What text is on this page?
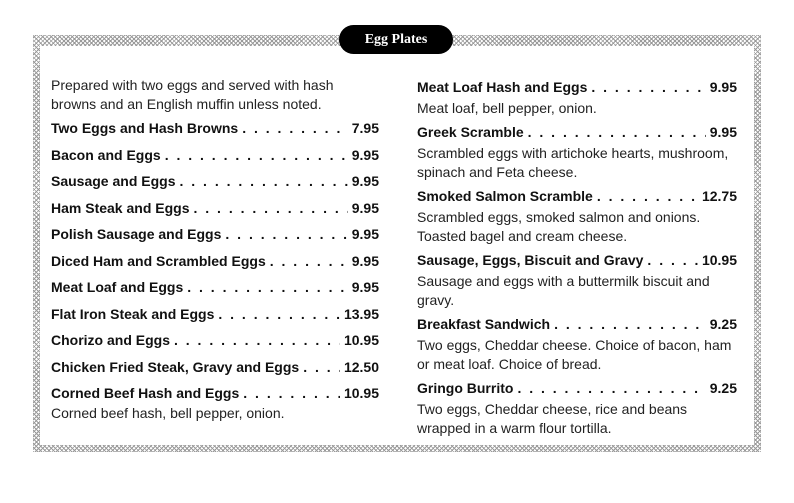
Egg Plates
Prepared with two eggs and served with hash browns and an English muffin unless noted.
Two Eggs and Hash Browns . . .	7.95
Bacon and Eggs . . .	9.95
Sausage and Eggs . . .	9.95
Ham Steak and Eggs . . .	9.95
Polish Sausage and Eggs . . .	9.95
Diced Ham and Scrambled Eggs . . .	9.95
Meat Loaf and Eggs . . .	9.95
Flat Iron Steak and Eggs . . .	13.95
Chorizo and Eggs . . .	10.95
Chicken Fried Steak, Gravy and Eggs . . .	12.50
Corned Beef Hash and Eggs . . .	10.95
Corned beef hash, bell pepper, onion.
Meat Loaf Hash and Eggs . . .	9.95
Meat loaf, bell pepper, onion.
Greek Scramble . . .	9.95
Scrambled eggs with artichoke hearts, mushroom, spinach and Feta cheese.
Smoked Salmon Scramble . . .	12.75
Scrambled eggs, smoked salmon and onions. Toasted bagel and cream cheese.
Sausage, Eggs, Biscuit and Gravy . . .	10.95
Sausage and eggs with a buttermilk biscuit and gravy.
Breakfast Sandwich . . .	9.25
Two eggs, Cheddar cheese. Choice of bacon, ham or meat loaf. Choice of bread.
Gringo Burrito . . .	9.25
Two eggs, Cheddar cheese, rice and beans wrapped in a warm flour tortilla.
